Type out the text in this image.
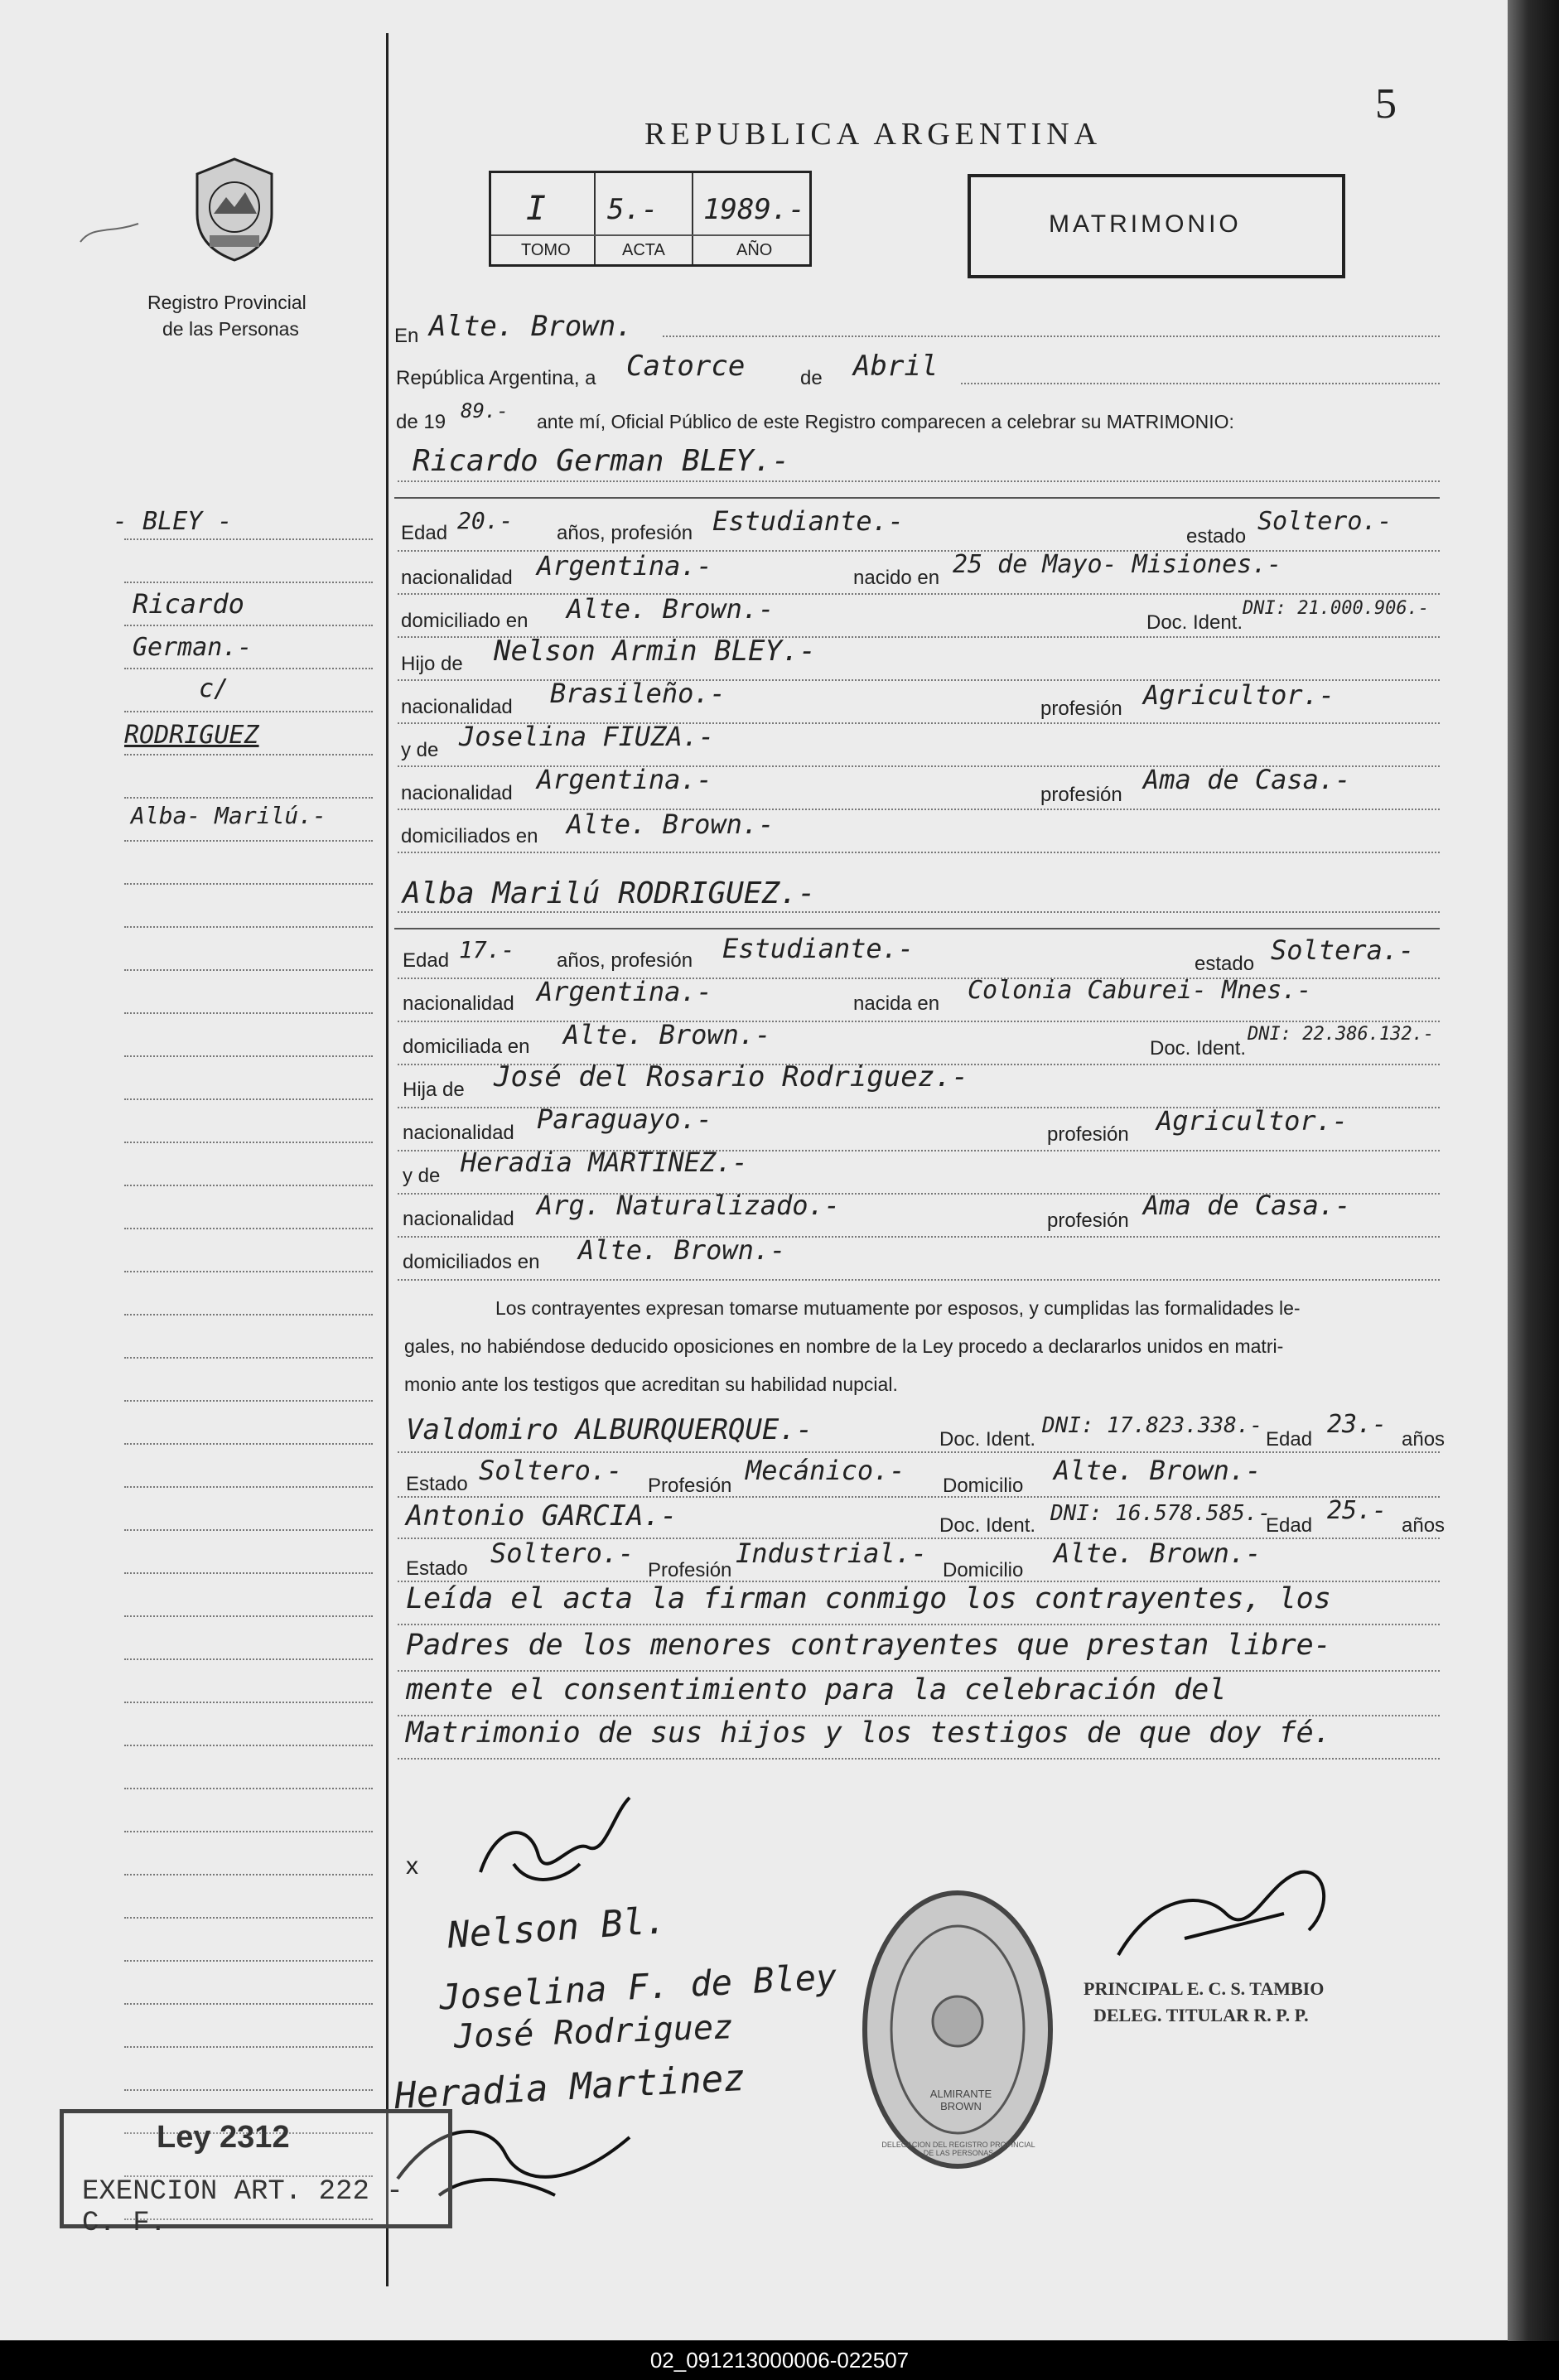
Registro Provincial
de las Personas
5
REPUBLICA ARGENTINA
I 5.- 1989.-
TOMO	ACTA	AÑO
MATRIMONIO
- BLEY -
Ricardo
German.-
c/
RODRIGUEZ
Alba- Marilú.-
En Alte. Brown.
República Argentina, a Catorce	de Abril
de 19 89.- ante mí, Oficial Público de este Registro comparecen a celebrar su MATRIMONIO:
Ricardo German BLEY.-
Edad 20.- años, profesión Estudiante.-	estado
Soltero.-
nacionalidad Argentina.-	nacido en 25 de Mayo- Misiones.-
domiciliado en Alte. Brown.-	Doc. Ident.
DNI: 21.000.906.-
Hijo de Nelson Armin BLEY.-
nacionalidad Brasileño.-	profesión Agricultor.-
y de Joselina FIUZA.-
nacionalidad Argentina.-	profesión Ama de Casa.-
domiciliados en Alte. Brown.-
Alba Marilú RODRIGUEZ.-
Edad 17.- años, profesión Estudiante.-	estado Soltera.-
nacionalidad Argentina.-	nacida en Colonia Caburei- Mnes.-
domiciliada en Alte. Brown.-	Doc. Ident.
DNI: 22.386.132.-
Hija de José del Rosario Rodriguez.-
nacionalidad Paraguayo.-	profesión Agricultor.-
y de Heradia MARTINEZ.-
nacionalidad Arg. Naturalizado.-	profesión Ama de Casa.-
domiciliados en Alte. Brown.-
Los contrayentes expresan tomarse mutuamente por esposos, y cumplidas las formalidades le-
gales, no habiéndose deducido oposiciones en nombre de la Ley procedo a declararlos unidos en matri-
monio ante los testigos que acreditan su habilidad nupcial.
Valdomiro ALBURQUERQUE.-	Doc. Ident.
DNI: 17.823.338.-
Edad
23.-
años
Estado Soltero.- Profesión Mecánico.- Domicilio Alte. Brown.-
Antonio GARCIA.-	Doc. Ident. DNI: 16.578.585.-
Edad
25.-
años
Estado Soltero.-
Profesión
Industrial.-
Domicilio
Alte. Brown.-
Leída el acta la firman conmigo los contrayentes, los
Padres de los menores contrayentes que prestan libre-
mente el consentimiento para la celebración del
Matrimonio de sus hijos y los testigos de que doy fé.
x
Nelson Bl.
Joselina F. de Bley
José Rodriguez
Heradia Martinez
PRINCIPAL E. C. S. TAMBIO
DELEG. TITULAR R. P. P.
ALMIRANTE BROWN
DELEGACION DEL REGISTRO PROVINCIAL DE LAS PERSONAS
Ley 2312
EXENCION ART. 222 - C. F.
02_091213000006-022507
